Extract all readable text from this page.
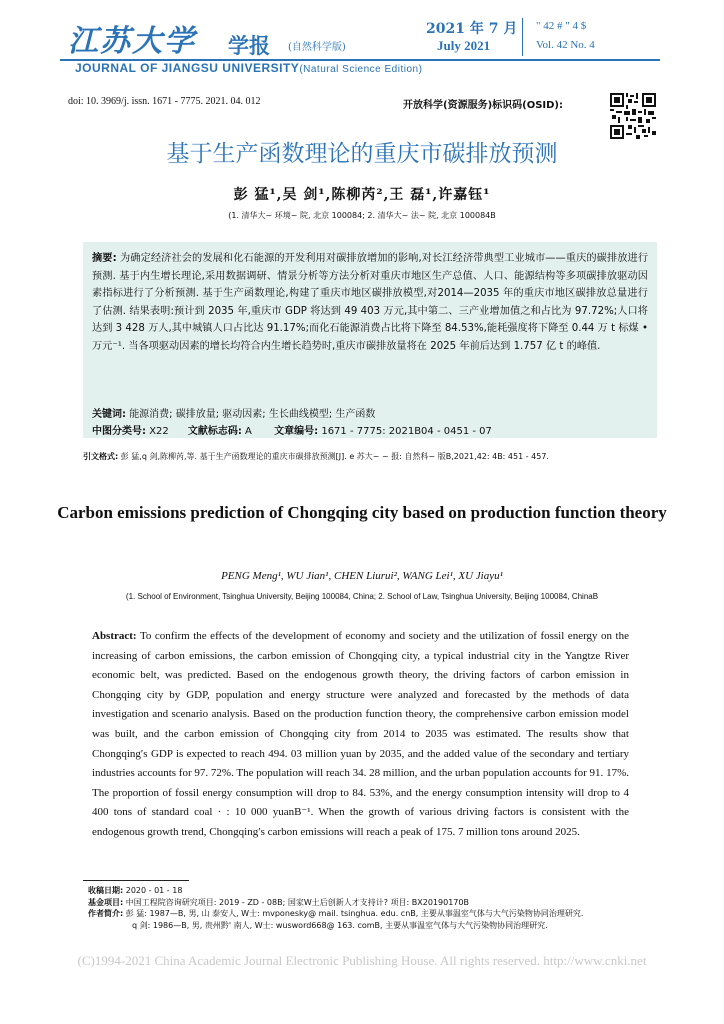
江苏大学 学报 (自然科学版)
2021 年 7 月
July 2021
" 42 # " 4 $
Vol. 42 No. 4
JOURNAL OF JIANGSU UNIVERSITY(Natural Science Edition)
doi: 10. 3969/j. issn. 1671 - 7775. 2021. 04. 012	开放科学(资源服务)标识码(OSID):
基于生产函数理论的重庆市碳排放预测
彭 猛¹,吴 剑¹,陈柳芮²,王 磊¹,许嘉钰¹
(1. 清华大~ 环境~ 院, 北京 100084; 2. 清华大~ 法~ 院, 北京 100084B
摘要: 为确定经济社会的发展和化石能源的开发利用对碳排放增加的影响,对长江经济带典型工业城市——重庆的碳排放进行预测. 基于内生增长理论,采用数据调研、情景分析等方法分析对重庆市地区生产总值、人口、能源结构等多项碳排放驱动因素指标进行了分析预测. 基于生产函数理论,构建了重庆市地区碳排放模型,对2014—2035 年的重庆市地区碳排放总量进行了估测. 结果表明:预计到 2035 年,重庆市 GDP 将达到 49 403 万元,其中第二、三产业增加值之和占比为 97.72%;人口将达到 3 428 万人,其中城镇人口占比达 91.17%;而化石能源消费占比将下降至 84.53%,能耗强度将下降至 0.44 万 t 标煤 • 万元⁻¹. 当各项驱动因素的增长均符合内生增长趋势时,重庆市碳排放量将在 2025 年前后达到 1.757 亿 t 的峰值.
关键词: 能源消费; 碳排放量; 驱动因素; 生长曲线模型; 生产函数
中图分类号: X22 文献标志码: A 文章编号: 1671 - 7775: 2021B04 - 0451 - 07
引文格式: 彭 猛,q 剑,陈柳芮,等. 基于生产函数理论的重庆市碳排放预测[J]. e 苏大~ ~ 报: 自然科~ 版B,2021,42: 4B: 451 - 457.
Carbon emissions prediction of Chongqing city based on production function theory
PENG Meng¹, WU Jian¹, CHEN Liurui², WANG Lei¹, XU Jiayu¹
(1. School of Environment, Tsinghua University, Beijing 100084, China; 2. School of Law, Tsinghua University, Beijing 100084, ChinaB
Abstract: To confirm the effects of the development of economy and society and the utilization of fossil energy on the increasing of carbon emissions, the carbon emission of Chongqing city, a typical industrial city in the Yangtze River economic belt, was predicted. Based on the endogenous growth theory, the driving factors of carbon emission in Chongqing city by GDP, population and energy structure were analyzed and forecasted by the methods of data investigation and scenario analysis. Based on the production function theory, the comprehensive carbon emission model was built, and the carbon emission of Chongqing city from 2014 to 2035 was estimated. The results show that Chongqing′s GDP is expected to reach 494. 03 million yuan by 2035, and the added value of the secondary and tertiary industries accounts for 97. 72%. The population will reach 34. 28 million, and the urban population accounts for 91. 17%. The proportion of fossil energy consumption will drop to 84. 53%, and the energy consumption intensity will drop to 4 400 tons of standard coal · : 10 000 yuanB⁻¹. When the growth of various driving factors is consistent with the endogenous growth trend, Chongqing′s carbon emissions will reach a peak of 175. 7 million tons around 2025.
收稿日期: 2020 - 01 - 18
基金项目: 中国工程院咨询研究项目: 2019 - ZD - 08B; 国家W土后创新人才支持计? 项目: BX20190170B
作者简介: 彭 猛: 1987—B, 男, 山 泰安人, W士: mvponesky@ mail. tsinghua. edu. cnB, 主要从事温室气体与大气污染物协同治理研究.
q 剑: 1986—B, 男, 贵州黔' 南人, W士: wusword668@ 163. comB, 主要从事温室气体与大气污染物协同治理研究.
(C)1994-2021 China Academic Journal Electronic Publishing House. All rights reserved. http://www.cnki.net
